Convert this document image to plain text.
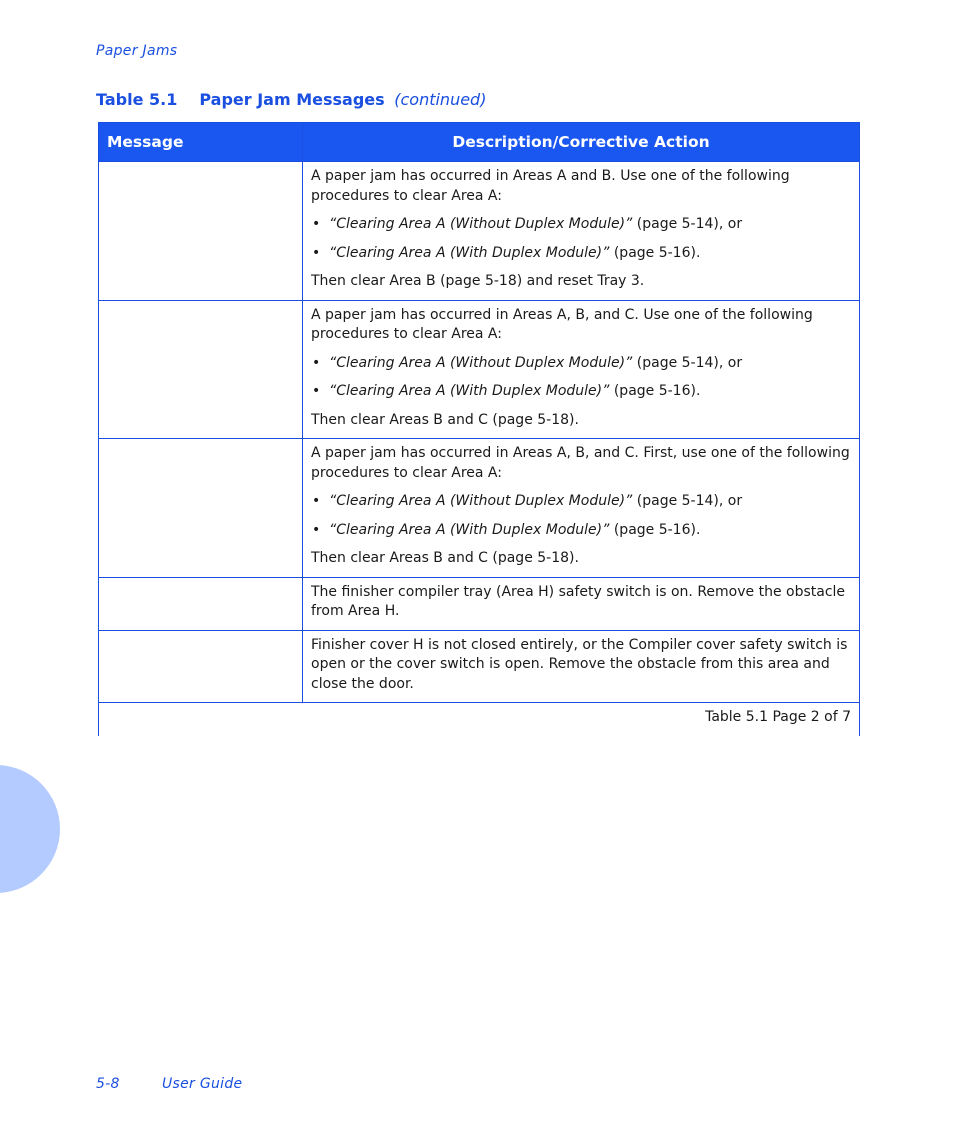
Paper Jams
Table 5.1 Paper Jam Messages (continued)
Message	Description/Corrective Action

	A paper jam has occurred in Areas A and B. Use one of the following procedures to clear Area A:

• “Clearing Area A (Without Duplex Module)” (page 5-14), or

• “Clearing Area A (With Duplex Module)” (page 5-16).

Then clear Area B (page 5-18) and reset Tray 3.

	A paper jam has occurred in Areas A, B, and C. Use one of the following procedures to clear Area A:

• “Clearing Area A (Without Duplex Module)” (page 5-14), or

• “Clearing Area A (With Duplex Module)” (page 5-16).

Then clear Areas B and C (page 5-18).

	A paper jam has occurred in Areas A, B, and C. First, use one of the following procedures to clear Area A:

• “Clearing Area A (Without Duplex Module)” (page 5-14), or

• “Clearing Area A (With Duplex Module)” (page 5-16).

Then clear Areas B and C (page 5-18).

	The finisher compiler tray (Area H) safety switch is on. Remove the obstacle from Area H.

	Finisher cover H is not closed entirely, or the Compiler cover safety switch is open or the cover switch is open. Remove the obstacle from this area and close the door.

	Table 5.1 Page 2 of 7
5-8	User Guide
